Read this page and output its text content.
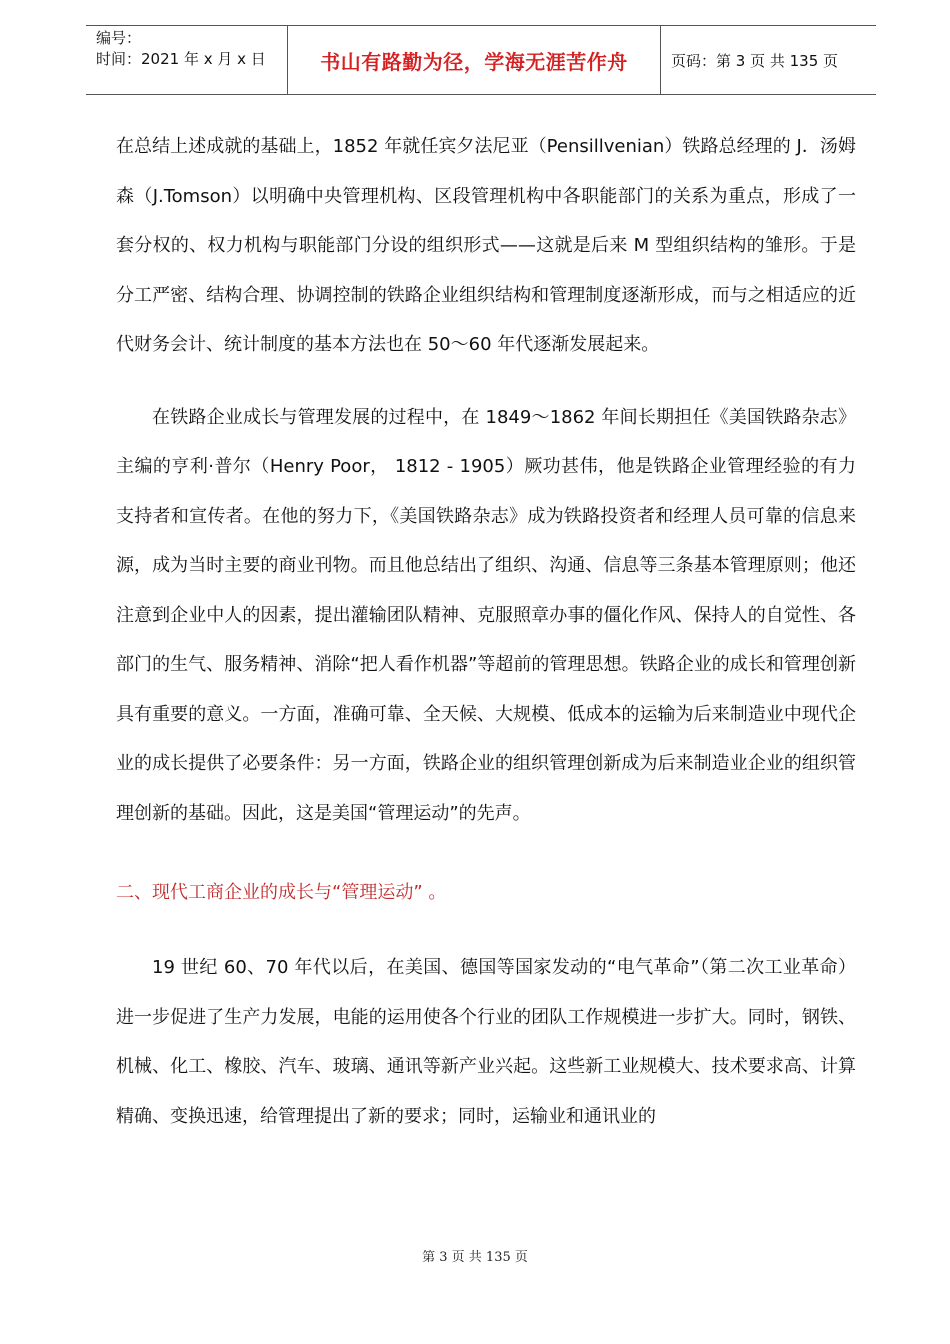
编号：
时间：2021 年 x 月 x 日	书山有路勤为径，学海无涯苦作舟	页码：第 3 页 共 135 页

在总结上述成就的基础上，1852 年就任宾夕法尼亚（Pensillvenian）铁路总经理的 J．汤姆森（J.Tomson）以明确中央管理机构、区段管理机构中各职能部门的关系为重点，形成了一套分权的、权力机构与职能部门分设的组织形式——这就是后来 M 型组织结构的雏形。于是分工严密、结构合理、协调控制的铁路企业组织结构和管理制度逐渐形成，而与之相适应的近代财务会计、统计制度的基本方法也在 50～60 年代逐渐发展起来。

在铁路企业成长与管理发展的过程中，在 1849～1862 年间长期担任《美国铁路杂志》主编的亨利·普尔（Henry Poor， 1812 - 1905）厥功甚伟，他是铁路企业管理经验的有力支持者和宣传者。在他的努力下，《美国铁路杂志》成为铁路投资者和经理人员可靠的信息来源，成为当时主要的商业刊物。而且他总结出了组织、沟通、信息等三条基本管理原则；他还注意到企业中人的因素，提出灌输团队精神、克服照章办事的僵化作风、保持人的自觉性、各部门的生气、服务精神、消除“把人看作机器”等超前的管理思想。铁路企业的成长和管理创新具有重要的意义。一方面，准确可靠、全天候、大规模、低成本的运输为后来制造业中现代企业的成长提供了必要条件：另一方面，铁路企业的组织管理创新成为后来制造业企业的组织管理创新的基础。因此，这是美国“管理运动”的先声。

二、现代工商企业的成长与“管理运动” 。

19 世纪 60、70 年代以后，在美国、德国等国家发动的“电气革命”（第二次工业革命）进一步促进了生产力发展，电能的运用使各个行业的团队工作规模进一步扩大。同时，钢铁、机械、化工、橡胶、汽车、玻璃、通讯等新产业兴起。这些新工业规模大、技术要求高、计算精确、变换迅速，给管理提出了新的要求；同时，运输业和通讯业的

第 3 页 共 135 页
